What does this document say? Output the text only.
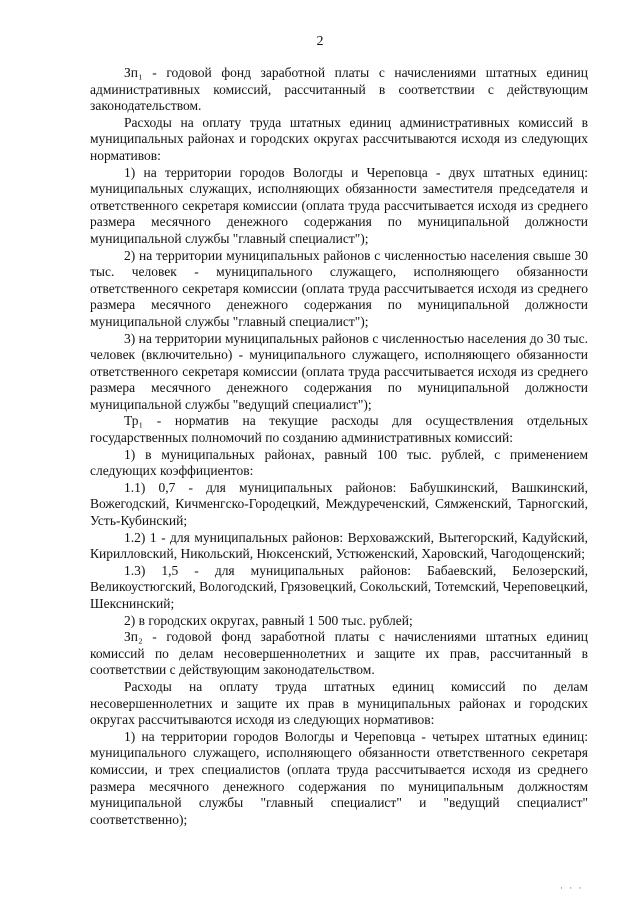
2

Зп₁ - годовой фонд заработной платы с начислениями штатных единиц административных комиссий, рассчитанный в соответствии с действующим законодательством.

Расходы на оплату труда штатных единиц административных комиссий в муниципальных районах и городских округах рассчитываются исходя из следующих нормативов:

1) на территории городов Вологды и Череповца - двух штатных единиц: муниципальных служащих, исполняющих обязанности заместителя председателя и ответственного секретаря комиссии (оплата труда рассчитывается исходя из среднего размера месячного денежного содержания по муниципальной должности муниципальной службы "главный специалист");

2) на территории муниципальных районов с численностью населения свыше 30 тыс. человек - муниципального служащего, исполняющего обязанности ответственного секретаря комиссии (оплата труда рассчитывается исходя из среднего размера месячного денежного содержания по муниципальной должности муниципальной службы "главный специалист");

3) на территории муниципальных районов с численностью населения до 30 тыс. человек (включительно) - муниципального служащего, исполняющего обязанности ответственного секретаря комиссии (оплата труда рассчитывается исходя из среднего размера месячного денежного содержания по муниципальной должности муниципальной службы "ведущий специалист");

Тр₁ - норматив на текущие расходы для осуществления отдельных государственных полномочий по созданию административных комиссий:

1) в муниципальных районах, равный 100 тыс. рублей, с применением следующих коэффициентов:

1.1) 0,7 - для муниципальных районов: Бабушкинский, Вашкинский, Вожегодский, Кичменгско-Городецкий, Междуреченский, Сямженский, Тарногский, Усть-Кубинский;

1.2) 1 - для муниципальных районов: Верховажский, Вытегорский, Кадуйский, Кирилловский, Никольский, Нюксенский, Устюженский, Харовский, Чагодощенский;

1.3) 1,5 - для муниципальных районов: Бабаевский, Белозерский, Великоустюгский, Вологодский, Грязовецкий, Сокольский, Тотемский, Череповецкий, Шекснинский;

2) в городских округах, равный 1 500 тыс. рублей;

Зп₂ - годовой фонд заработной платы с начислениями штатных единиц комиссий по делам несовершеннолетних и защите их прав, рассчитанный в соответствии с действующим законодательством.

Расходы на оплату труда штатных единиц комиссий по делам несовершеннолетних и защите их прав в муниципальных районах и городских округах рассчитываются исходя из следующих нормативов:

1) на территории городов Вологды и Череповца - четырех штатных единиц: муниципального служащего, исполняющего обязанности ответственного секретаря комиссии, и трех специалистов (оплата труда рассчитывается исходя из среднего размера месячного денежного содержания по муниципальным должностям муниципальной службы "главный специалист" и "ведущий специалист" соответственно);

· · ·
